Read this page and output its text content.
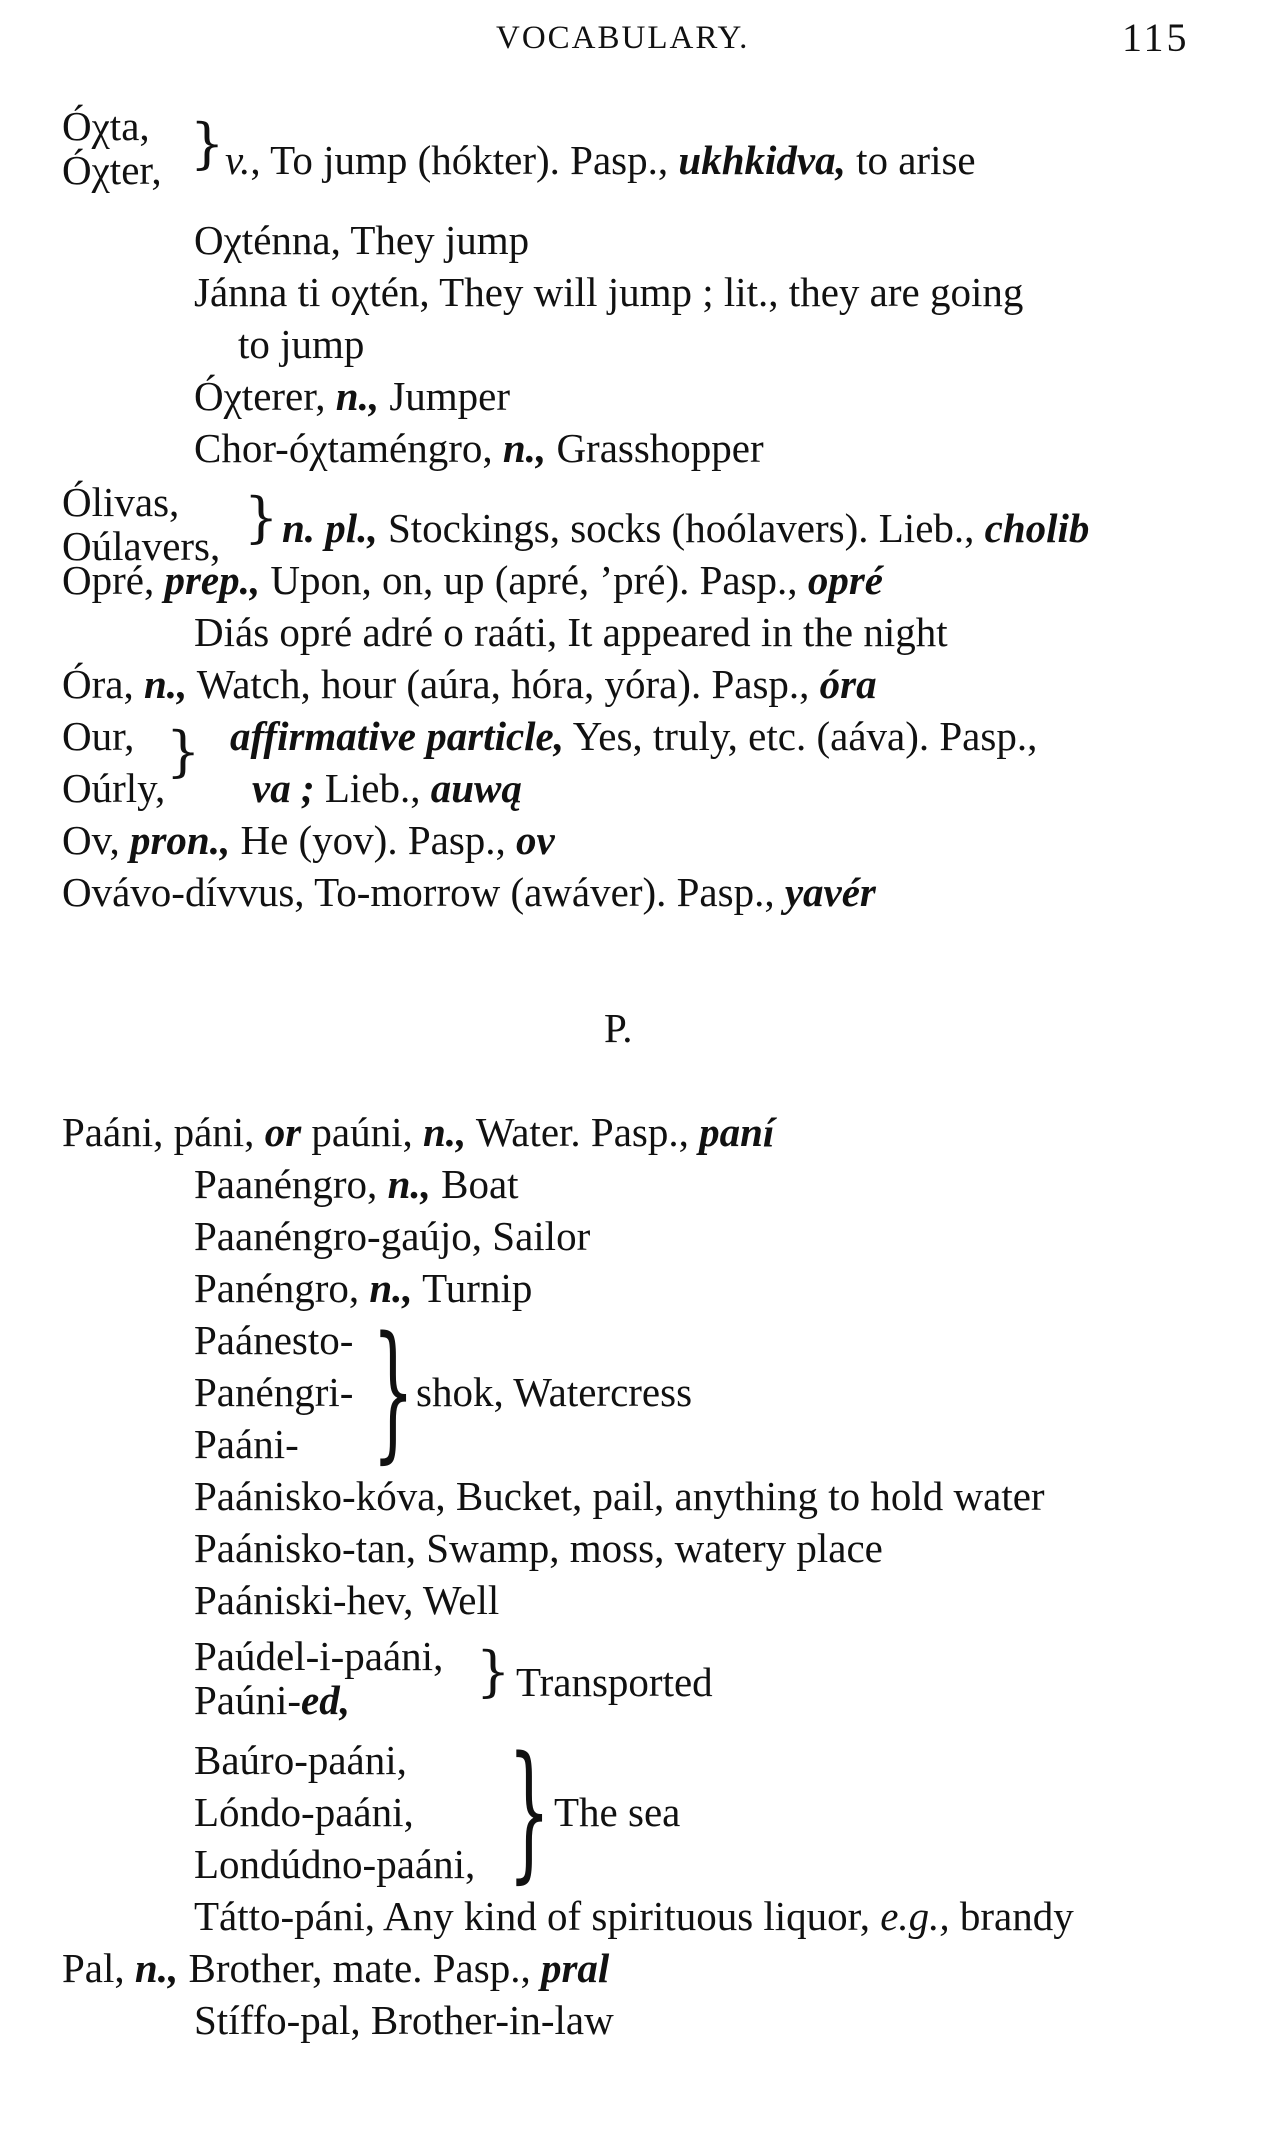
VOCABULARY.	115
Óχta,
Óχter, } v., To jump (hókter). Pasp., ukhkidva, to arise
Oχténna, They jump
Jánna ti oχtén, They will jump ; lit., they are going
to jump
Óχterer, n., Jumper
Chor-óχtaméngro, n., Grasshopper
Ólivas,
Oúlavers, } n. pl., Stockings, socks (hoólavers). Lieb., cholib
Opré, prep., Upon, on, up (apré, ’pré). Pasp., opré
Diás opré adré o raáti, It appeared in the night
Óra, n., Watch, hour (aúra, hóra, yóra). Pasp., óra
Our,
Oúrly,
} affirmative particle, Yes, truly, etc. (aáva). Pasp.,
va ; Lieb., auwą
Ov, pron., He (yov). Pasp., ov
Ovávo-dívvus, To-morrow (awáver). Pasp., yavér
P.
Paáni, páni, or paúni, n., Water. Pasp., paní
Paanéngro, n., Boat
Paanéngro-gaújo, Sailor
Panéngro, n., Turnip
Paánesto-
Panéngri-
Paáni- } shok, Watercress
Paánisko-kóva, Bucket, pail, anything to hold water
Paánisko-tan, Swamp, moss, watery place
Paániski-hev, Well
Paúdel-i-paáni,
Paúni-ed,	} Transported
Baúro-paáni,
Lóndo-paáni,
Londúdno-paáni, } The sea
Tátto-páni, Any kind of spirituous liquor, e.g., brandy
Pal, n., Brother, mate. Pasp., pral
Stíffo-pal, Brother-in-law
